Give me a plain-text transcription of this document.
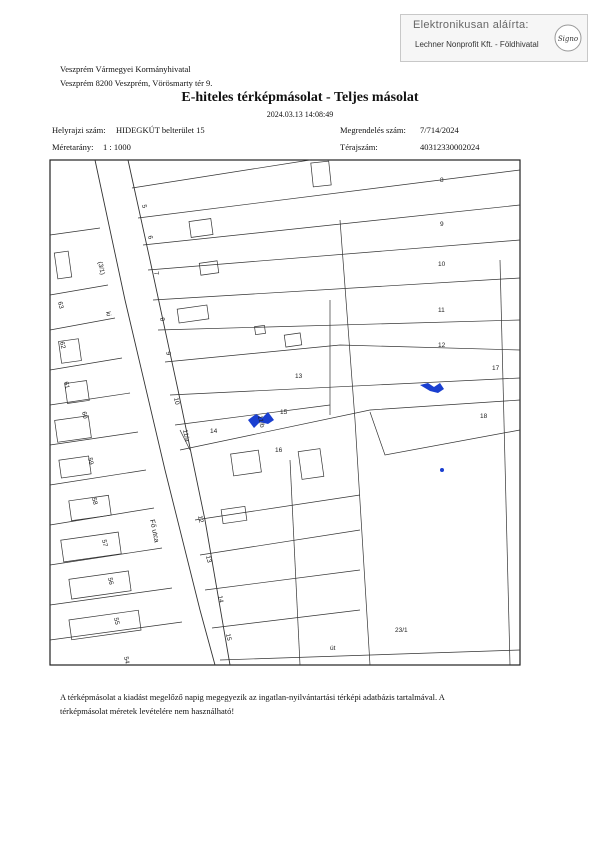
Elektronikusan aláírta:
Lechner Nonprofit Kft. - Földhivatal
Signo
Veszprém Vármegyei Kormányhivatal
Veszprém 8200 Veszprém, Vörösmarty tér 9.
E-hiteles térképmásolat - Teljes másolat
2024.03.13 14:08:49
Helyrajzi szám: HIDEGKÚT belterület 15	Megrendelés szám: 7/714/2024
Méretarány: 1 : 1000	Térajszám:	40312330002024
8
9
10
11
12
13
14
15
16
17
18
23/1
út
5
6
7
8
9
10
11/a
11/b
12
13
14
15
(3/1)
ki
63
62
61
60
59
58
57
56
55
54
Fő utca
A térképmásolat a kiadást megelőző napig megegyezik az ingatlan-nyilvántartási térképi adatbázis tartalmával. A térképmásolat méretek levételére nem használható!
